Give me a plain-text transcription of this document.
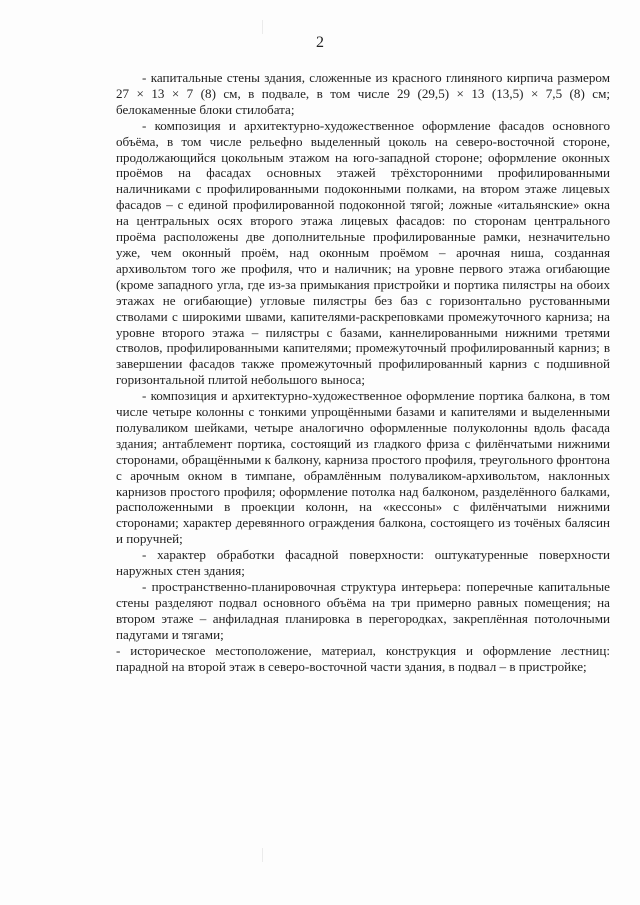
2

- капитальные стены здания, сложенные из красного глиняного кирпича размером 27 × 13 × 7 (8) см, в подвале, в том числе 29 (29,5) × 13 (13,5) × 7,5 (8) см; белокаменные блоки стилобата;

- композиция и архитектурно-художественное оформление фасадов основного объёма, в том числе рельефно выделенный цоколь на северо-восточной стороне, продолжающийся цокольным этажом на юго-западной стороне; оформление оконных проёмов на фасадах основных этажей трёхсторонними профилированными наличниками с профилированными подоконными полками, на втором этаже лицевых фасадов – с единой профилированной подоконной тягой; ложные «итальянские» окна на центральных осях второго этажа лицевых фасадов: по сторонам центрального проёма расположены две дополнительные профилированные рамки, незначительно уже, чем оконный проём, над оконным проёмом – арочная ниша, созданная архивольтом того же профиля, что и наличник; на уровне первого этажа огибающие (кроме западного угла, где из-за примыкания пристройки и портика пилястры на обоих этажах не огибающие) угловые пилястры без баз с горизонтально рустованными стволами с широкими швами, капителями-раскреповками промежуточного карниза; на уровне второго этажа – пилястры с базами, каннелированными нижними третями стволов, профилированными капителями; промежуточный профилированный карниз; в завершении фасадов также промежуточный профилированный карниз с подшивной горизонтальной плитой небольшого выноса;

- композиция и архитектурно-художественное оформление портика балкона, в том числе четыре колонны с тонкими упрощёнными базами и капителями и выделенными полуваликом шейками, четыре аналогично оформленные полуколонны вдоль фасада здания; антаблемент портика, состоящий из гладкого фриза с филёнчатыми нижними сторонами, обращёнными к балкону, карниза простого профиля, треугольного фронтона с арочным окном в тимпане, обрамлённым полуваликом-архивольтом, наклонных карнизов простого профиля; оформление потолка над балконом, разделённого балками, расположенными в проекции колонн, на «кессоны» с филёнчатыми нижними сторонами; характер деревянного ограждения балкона, состоящего из точёных балясин и поручней;

- характер обработки фасадной поверхности: оштукатуренные поверхности наружных стен здания;

- пространственно-планировочная структура интерьера: поперечные капитальные стены разделяют подвал основного объёма на три примерно равных помещения; на втором этаже – анфиладная планировка в перегородках, закреплённая потолочными падугами и тягами;

- историческое местоположение, материал, конструкция и оформление лестниц: парадной на второй этаж в северо-восточной части здания, в подвал – в пристройке;
